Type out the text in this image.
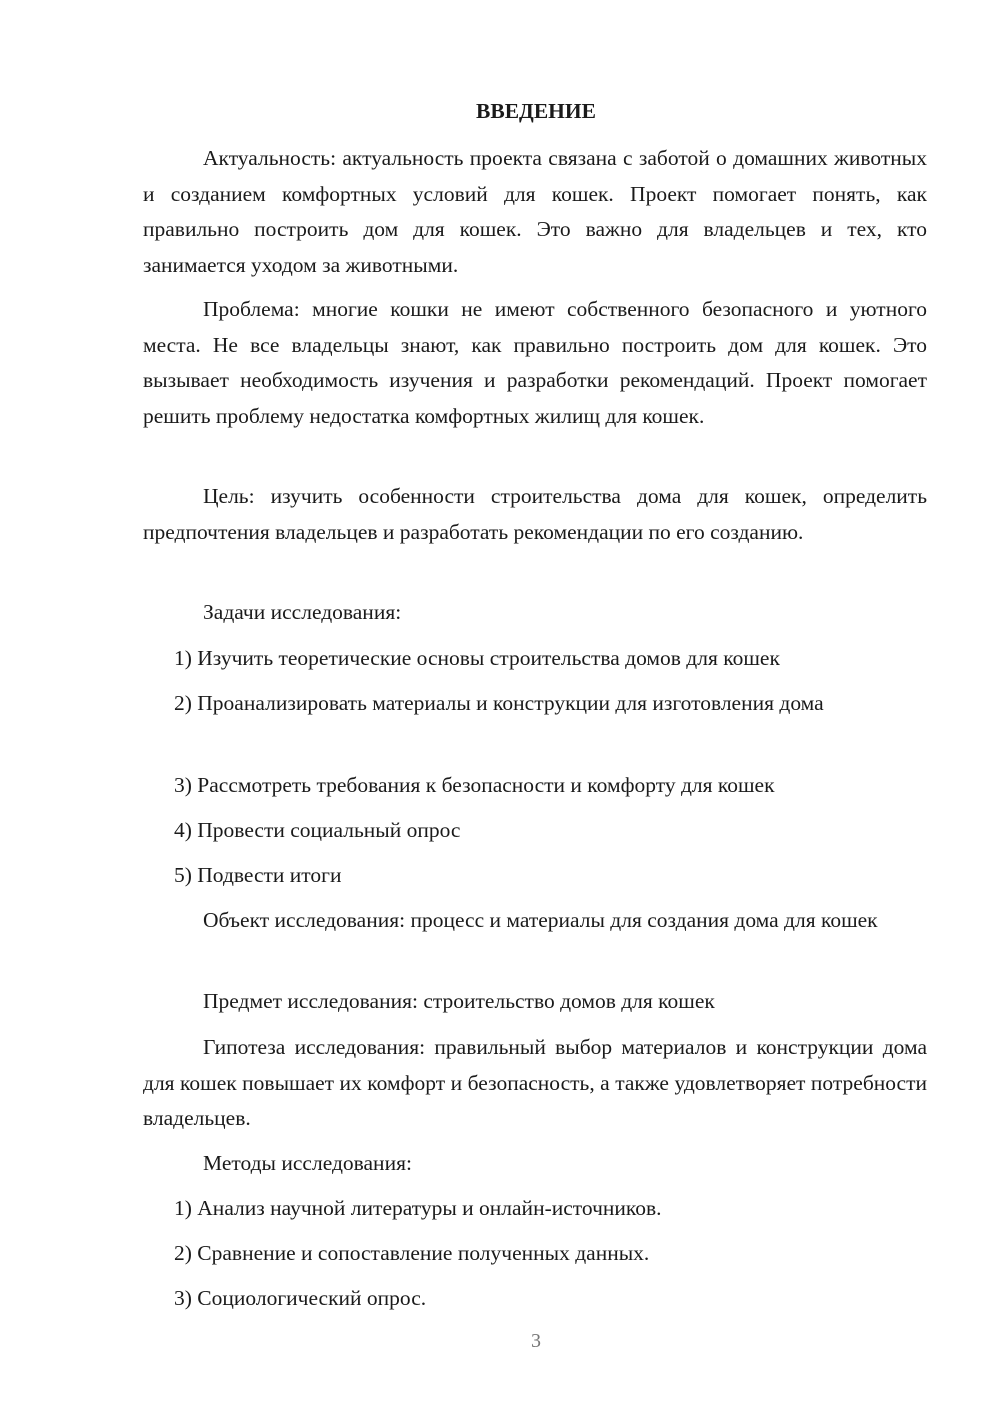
ВВЕДЕНИЕ
Актуальность: актуальность проекта связана с заботой о домашних животных и созданием комфортных условий для кошек. Проект помогает понять, как правильно построить дом для кошек. Это важно для владельцев и тех, кто занимается уходом за животными.
Проблема: многие кошки не имеют собственного безопасного и уютного места. Не все владельцы знают, как правильно построить дом для кошек. Это вызывает необходимость изучения и разработки рекомендаций. Проект помогает решить проблему недостатка комфортных жилищ для кошек.
Цель: изучить особенности строительства дома для кошек, определить предпочтения владельцев и разработать рекомендации по его созданию.
Задачи исследования:
1) Изучить теоретические основы строительства домов для кошек
2) Проанализировать материалы и конструкции для изготовления дома
3) Рассмотреть требования к безопасности и комфорту для кошек
4) Провести социальный опрос
5) Подвести итоги
Объект исследования: процесс и материалы для создания дома для кошек
Предмет исследования: строительство домов для кошек
Гипотеза исследования: правильный выбор материалов и конструкции дома для кошек повышает их комфорт и безопасность, а также удовлетворяет потребности владельцев.
Методы исследования:
1) Анализ научной литературы и онлайн-источников.
2) Сравнение и сопоставление полученных данных.
3) Социологический опрос.
3
